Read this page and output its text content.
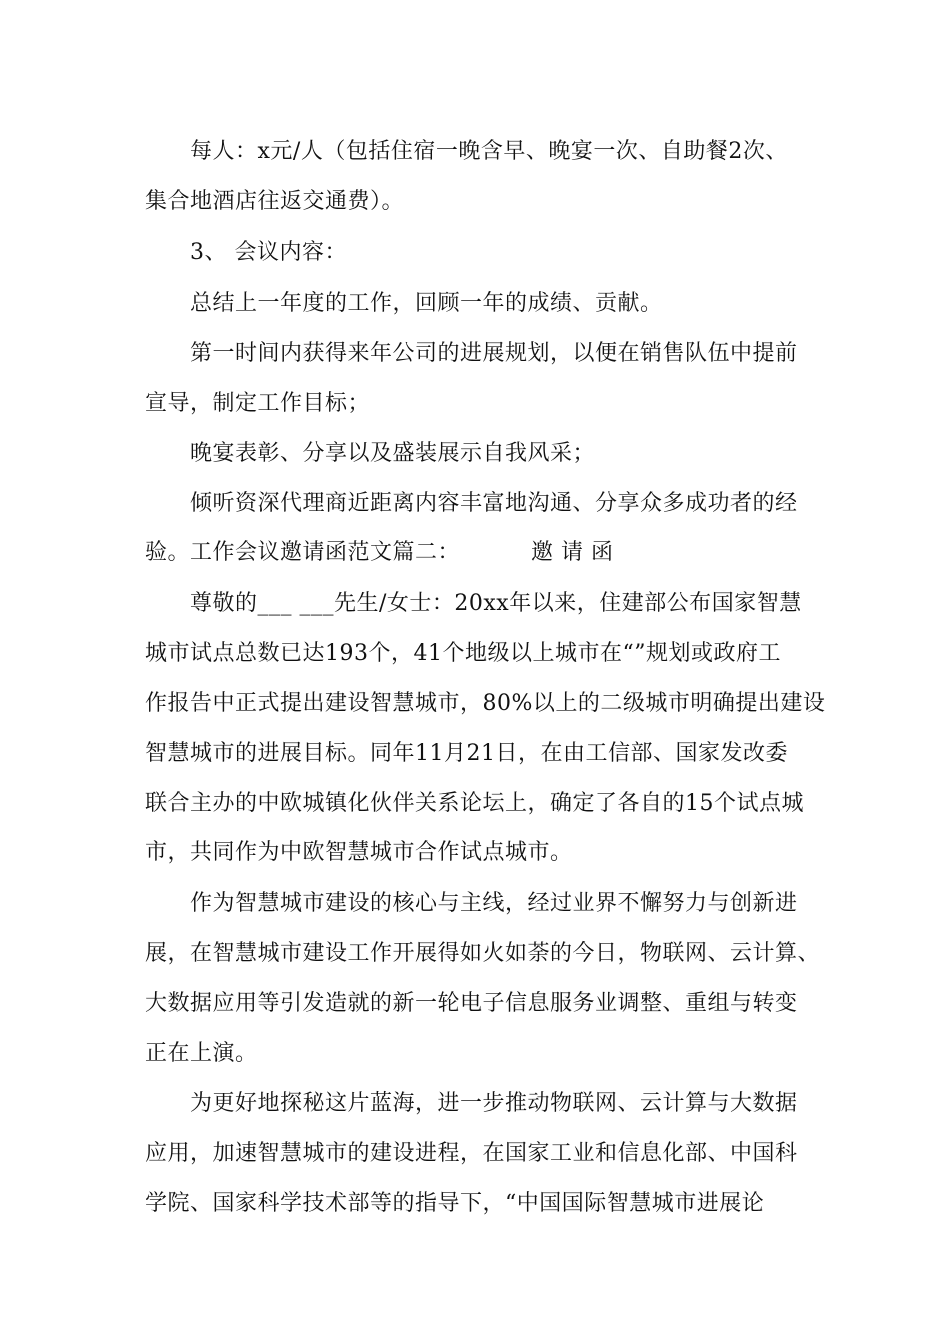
每人：x元/人（包括住宿一晚含早、晚宴一次、自助餐2次、
集合地酒店往返交通费）。
3、 会议内容：
总结上一年度的工作，回顾一年的成绩、贡献。
第一时间内获得来年公司的进展规划，以便在销售队伍中提前
宣导，制定工作目标；
晚宴表彰、分享以及盛装展示自我风采；
倾听资深代理商近距离内容丰富地沟通、分享众多成功者的经
验。工作会议邀请函范文篇二：	邀 请 函
尊敬的___ ___先生/女士：20xx年以来，住建部公布国家智慧
城市试点总数已达193个，41个地级以上城市在“”规划或政府工
作报告中正式提出建设智慧城市，80%以上的二级城市明确提出建设
智慧城市的进展目标。同年11月21日，在由工信部、国家发改委
联合主办的中欧城镇化伙伴关系论坛上，确定了各自的15个试点城
市，共同作为中欧智慧城市合作试点城市。
作为智慧城市建设的核心与主线，经过业界不懈努力与创新进
展，在智慧城市建设工作开展得如火如荼的今日，物联网、云计算、
大数据应用等引发造就的新一轮电子信息服务业调整、重组与转变
正在上演。
为更好地探秘这片蓝海，进一步推动物联网、云计算与大数据
应用，加速智慧城市的建设进程，在国家工业和信息化部、中国科
学院、国家科学技术部等的指导下，“中国国际智慧城市进展论
